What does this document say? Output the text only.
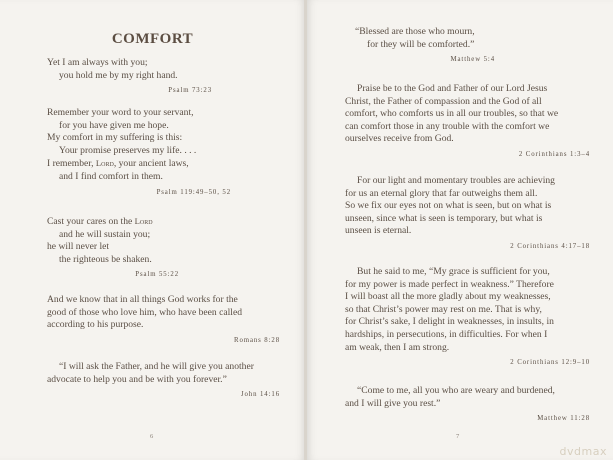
COMFORT
Yet I am always with you;
you hold me by my right hand.
Psalm 73:23
Remember your word to your servant,
for you have given me hope.
My comfort in my suffering is this:
Your promise preserves my life. . . .
I remember, Lord, your ancient laws,
and I find comfort in them.
Psalm 119:49–50, 52
Cast your cares on the Lord
and he will sustain you;
he will never let
the righteous be shaken.
Psalm 55:22
And we know that in all things God works for the
good of those who love him, who have been called
according to his purpose.
Romans 8:28
“I will ask the Father, and he will give you another
advocate to help you and be with you forever.”
John 14:16
6
“Blessed are those who mourn,
for they will be comforted.”
Matthew 5:4
Praise be to the God and Father of our Lord Jesus
Christ, the Father of compassion and the God of all
comfort, who comforts us in all our troubles, so that we
can comfort those in any trouble with the comfort we
ourselves receive from God.
2 Corinthians 1:3–4
For our light and momentary troubles are achieving
for us an eternal glory that far outweighs them all.
So we fix our eyes not on what is seen, but on what is
unseen, since what is seen is temporary, but what is
unseen is eternal.
2 Corinthians 4:17–18
But he said to me, “My grace is sufficient for you,
for my power is made perfect in weakness.” Therefore
I will boast all the more gladly about my weaknesses,
so that Christ’s power may rest on me. That is why,
for Christ’s sake, I delight in weaknesses, in insults, in
hardships, in persecutions, in difficulties. For when I
am weak, then I am strong.
2 Corinthians 12:9–10
“Come to me, all you who are weary and burdened,
and I will give you rest.”
Matthew 11:28
7
dvdmax
